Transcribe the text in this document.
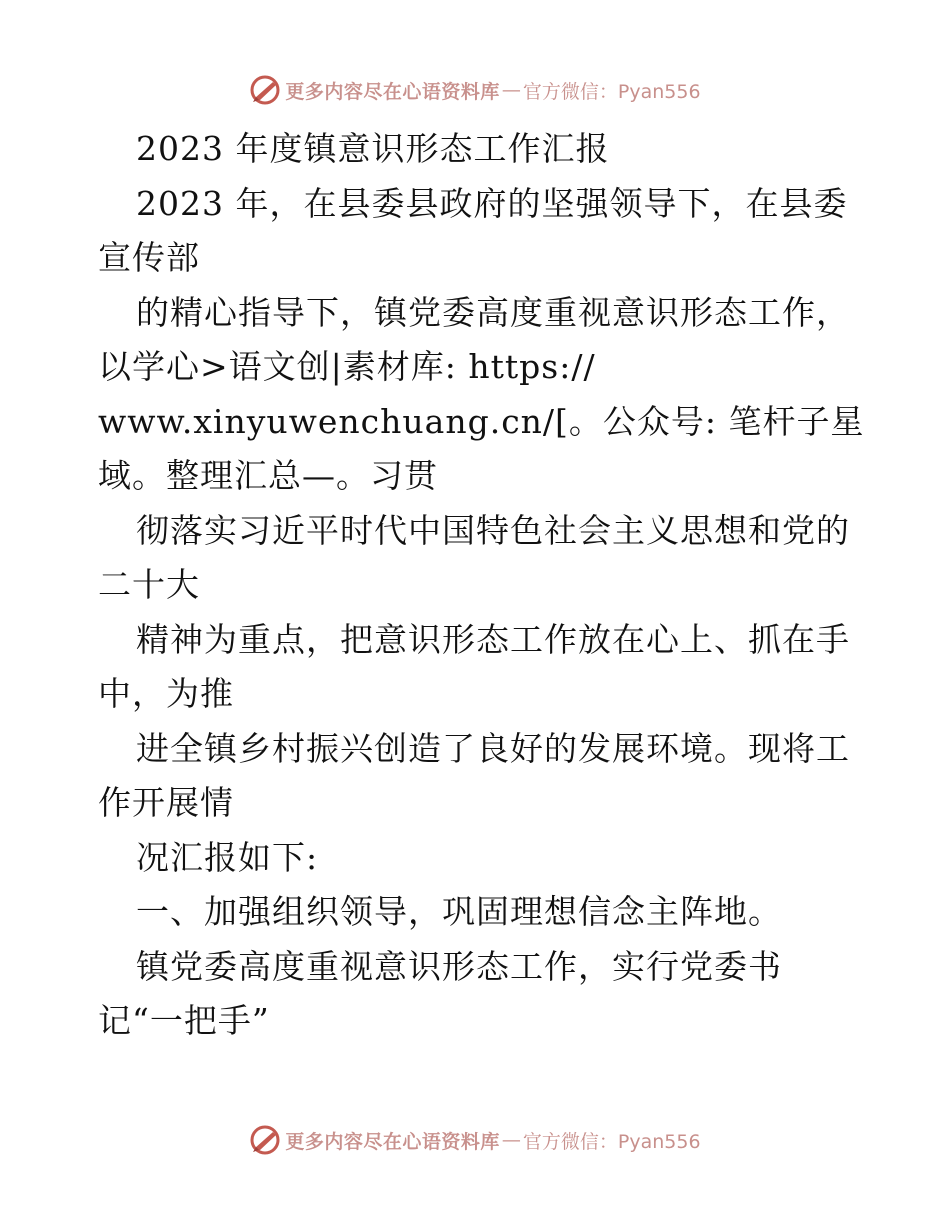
更多内容尽在心语资料库 — 官方微信：Pyan556
2023 年度镇意识形态工作汇报
2023 年，在县委县政府的坚强领导下，在县委
宣传部
的精心指导下，镇党委高度重视意识形态工作，
以学心>语文创|素材库: https://
www.xinyuwenchuang.cn/[。公众号: 笔杆子星
域。整理汇总—。习贯
彻落实习近平时代中国特色社会主义思想和党的
二十大
精神为重点，把意识形态工作放在心上、抓在手
中，为推
进全镇乡村振兴创造了良好的发展环境。现将工
作开展情
况汇报如下:
一、加强组织领导，巩固理想信念主阵地。
镇党委高度重视意识形态工作，实行党委书
记“一把手”
更多内容尽在心语资料库 — 官方微信：Pyan556
